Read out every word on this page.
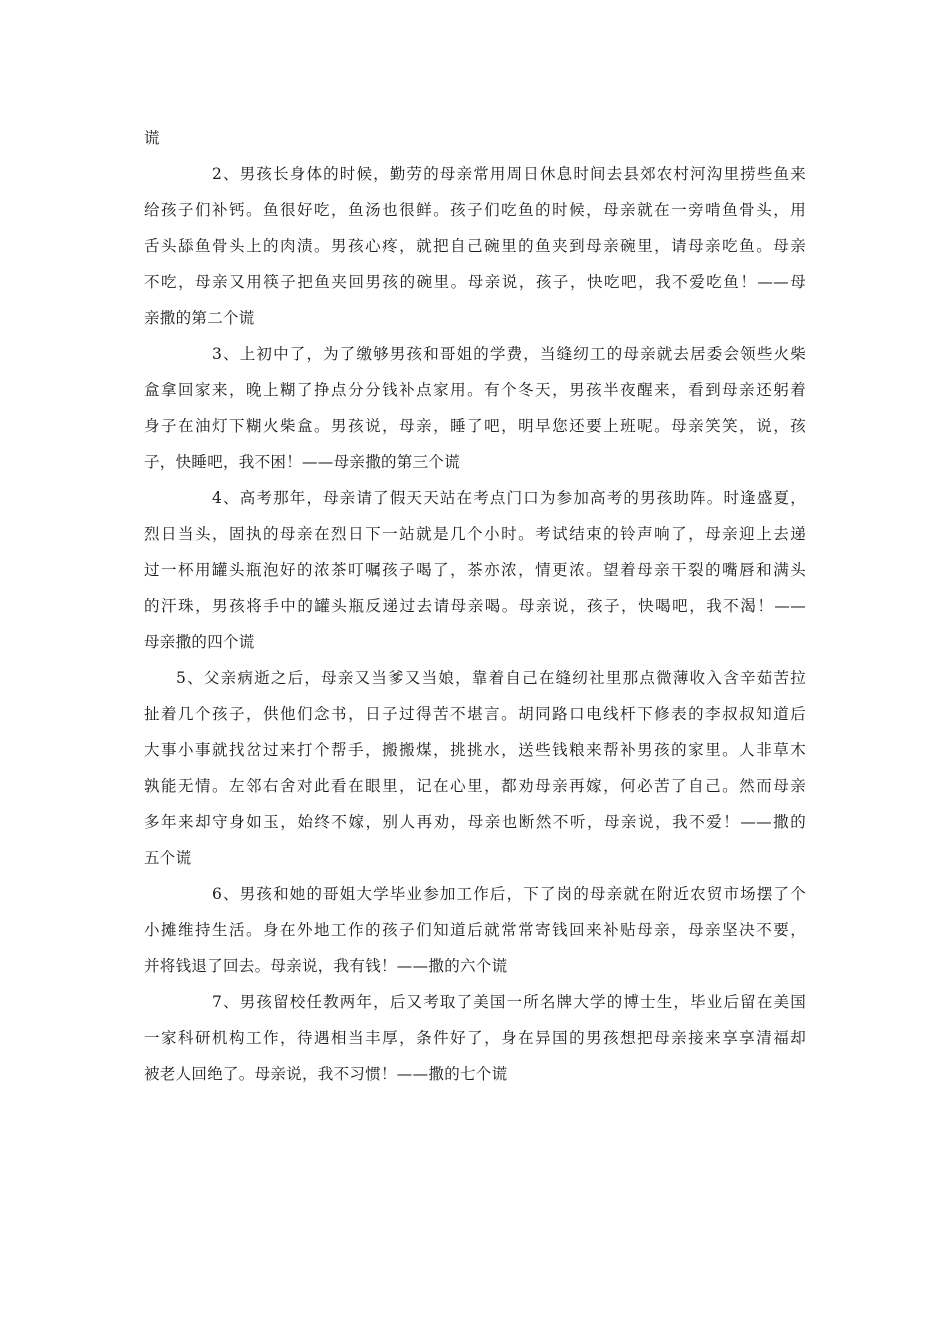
谎
2、男孩长身体的时候，勤劳的母亲常用周日休息时间去县郊农村河沟里捞些鱼来
给孩子们补钙。鱼很好吃，鱼汤也很鲜。孩子们吃鱼的时候，母亲就在一旁啃鱼骨头，用
舌头舔鱼骨头上的肉渍。男孩心疼，就把自己碗里的鱼夹到母亲碗里，请母亲吃鱼。母亲
不吃，母亲又用筷子把鱼夹回男孩的碗里。母亲说，孩子，快吃吧，我不爱吃鱼！——母
亲撒的第二个谎
3、上初中了，为了缴够男孩和哥姐的学费，当缝纫工的母亲就去居委会领些火柴
盒拿回家来，晚上糊了挣点分分钱补点家用。有个冬天，男孩半夜醒来，看到母亲还躬着
身子在油灯下糊火柴盒。男孩说，母亲，睡了吧，明早您还要上班呢。母亲笑笑，说，孩
子，快睡吧，我不困！——母亲撒的第三个谎
4、高考那年，母亲请了假天天站在考点门口为参加高考的男孩助阵。时逢盛夏，
烈日当头，固执的母亲在烈日下一站就是几个小时。考试结束的铃声响了，母亲迎上去递
过一杯用罐头瓶泡好的浓茶叮嘱孩子喝了，茶亦浓，情更浓。望着母亲干裂的嘴唇和满头
的汗珠，男孩将手中的罐头瓶反递过去请母亲喝。母亲说，孩子，快喝吧，我不渴！——
母亲撒的四个谎
5、父亲病逝之后，母亲又当爹又当娘，靠着自己在缝纫社里那点微薄收入含辛茹苦拉
扯着几个孩子，供他们念书，日子过得苦不堪言。胡同路口电线杆下修表的李叔叔知道后
大事小事就找岔过来打个帮手，搬搬煤，挑挑水，送些钱粮来帮补男孩的家里。人非草木
孰能无情。左邻右舍对此看在眼里，记在心里，都劝母亲再嫁，何必苦了自己。然而母亲
多年来却守身如玉，始终不嫁，别人再劝，母亲也断然不听，母亲说，我不爱！——撒的
五个谎
6、男孩和她的哥姐大学毕业参加工作后，下了岗的母亲就在附近农贸市场摆了个
小摊维持生活。身在外地工作的孩子们知道后就常常寄钱回来补贴母亲，母亲坚决不要，
并将钱退了回去。母亲说，我有钱！——撒的六个谎
7、男孩留校任教两年，后又考取了美国一所名牌大学的博士生，毕业后留在美国
一家科研机构工作，待遇相当丰厚，条件好了，身在异国的男孩想把母亲接来享享清福却
被老人回绝了。母亲说，我不习惯！——撒的七个谎
